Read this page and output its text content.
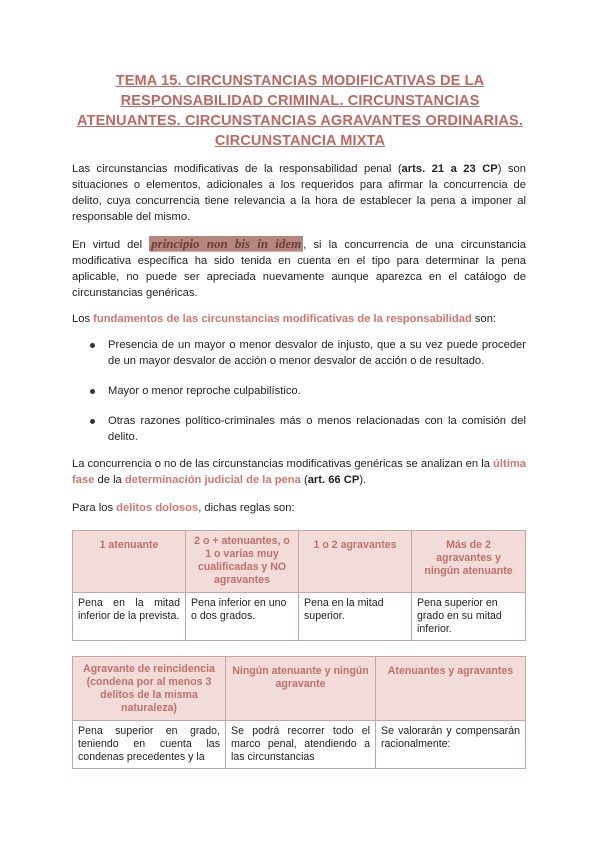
TEMA 15. CIRCUNSTANCIAS MODIFICATIVAS DE LA RESPONSABILIDAD CRIMINAL. CIRCUNSTANCIAS ATENUANTES. CIRCUNSTANCIAS AGRAVANTES ORDINARIAS. CIRCUNSTANCIA MIXTA
Las circunstancias modificativas de la responsabilidad penal (arts. 21 a 23 CP) son situaciones o elementos, adicionales a los requeridos para afirmar la concurrencia de delito, cuya concurrencia tiene relevancia a la hora de establecer la pena a imponer al responsable del mismo.
En virtud del principio non bis in idem , si la concurrencia de una circunstancia modificativa específica ha sido tenida en cuenta en el tipo para determinar la pena aplicable, no puede ser apreciada nuevamente aunque aparezca en el catálogo de circunstancias genéricas.
Los fundamentos de las circunstancias modificativas de la responsabilidad son:
Presencia de un mayor o menor desvalor de injusto, que a su vez puede proceder de un mayor desvalor de acción o menor desvalor de acción o de resultado.
Mayor o menor reproche culpabilístico.
Otras razones político-criminales más o menos relacionadas con la comisión del delito.
La concurrencia o no de las circunstancias modificativas genéricas se analizan en la última fase de la determinación judicial de la pena (art. 66 CP).
Para los delitos dolosos, dichas reglas son:
1 atenuante	2 o + atenuantes, o 1 o varias muy cualificadas y NO agravantes	1 o 2 agravantes	Más de 2 agravantes y ningún atenuante
Pena en la mitad inferior de la prevista.	Pena inferior en uno o dos grados.	Pena en la mitad superior.	Pena superior en grado en su mitad inferior.
Agravante de reincidencia (condena por al menos 3 delitos de la misma naturaleza)	Ningún atenuante y ningún agravante	Atenuantes y agravantes
Pena superior en grado, teniendo en cuenta las condenas precedentes y la	Se podrá recorrer todo el marco penal, atendiendo a las circunstancias	Se valorarán y compensarán racionalmente:
